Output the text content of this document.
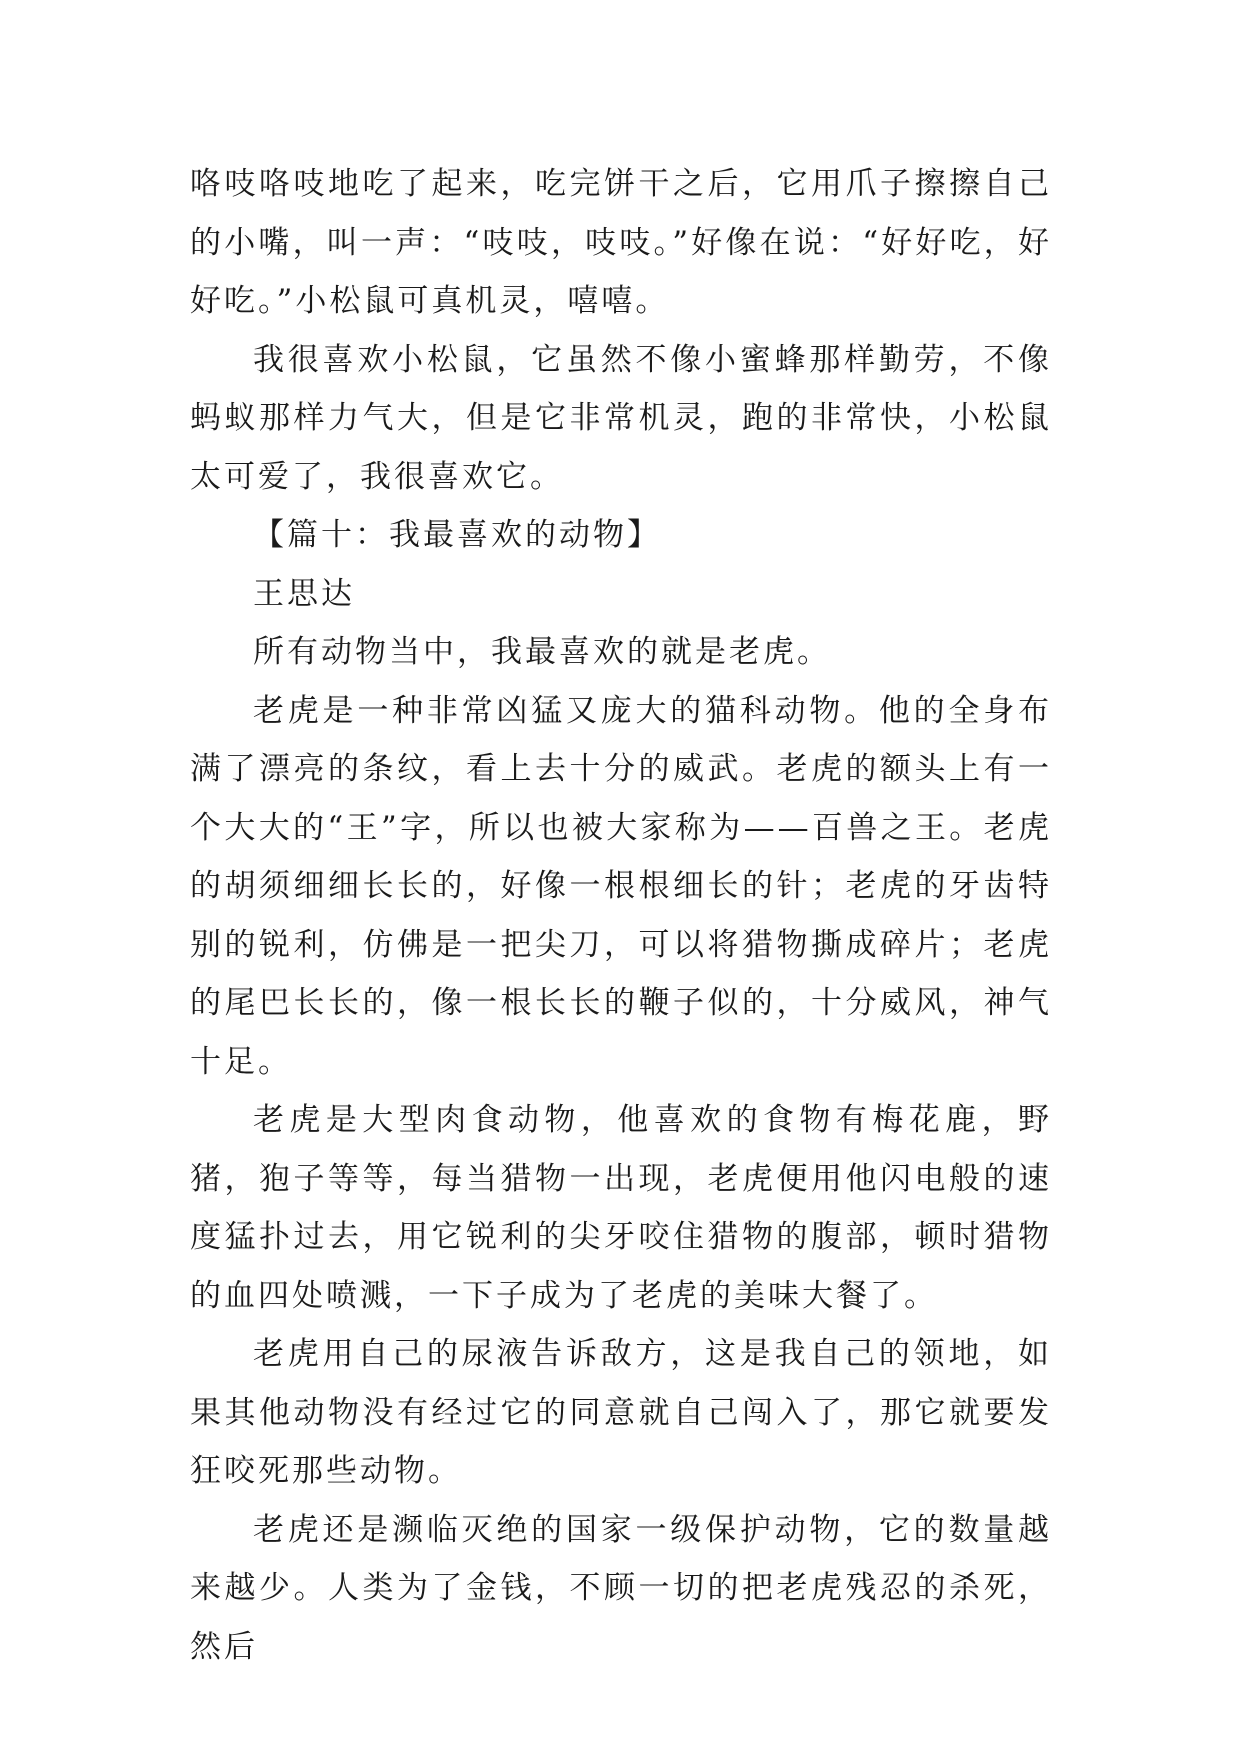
咯吱咯吱地吃了起来，吃完饼干之后，它用爪子擦擦自己的小嘴，叫一声：“吱吱，吱吱。”好像在说：“好好吃，好好吃。”小松鼠可真机灵，嘻嘻。

我很喜欢小松鼠，它虽然不像小蜜蜂那样勤劳，不像蚂蚁那样力气大，但是它非常机灵，跑的非常快，小松鼠太可爱了，我很喜欢它。

【篇十：我最喜欢的动物】

王思达

所有动物当中，我最喜欢的就是老虎。

老虎是一种非常凶猛又庞大的猫科动物。他的全身布满了漂亮的条纹，看上去十分的威武。老虎的额头上有一个大大的“王”字，所以也被大家称为——百兽之王。老虎的胡须细细长长的，好像一根根细长的针；老虎的牙齿特别的锐利，仿佛是一把尖刀，可以将猎物撕成碎片；老虎的尾巴长长的，像一根长长的鞭子似的，十分威风，神气十足。

老虎是大型肉食动物，他喜欢的食物有梅花鹿，野猪，狍子等等，每当猎物一出现，老虎便用他闪电般的速度猛扑过去，用它锐利的尖牙咬住猎物的腹部，顿时猎物的血四处喷溅，一下子成为了老虎的美味大餐了。

老虎用自己的尿液告诉敌方，这是我自己的领地，如果其他动物没有经过它的同意就自己闯入了，那它就要发狂咬死那些动物。

老虎还是濒临灭绝的国家一级保护动物，它的数量越来越少。人类为了金钱，不顾一切的把老虎残忍的杀死，然后
